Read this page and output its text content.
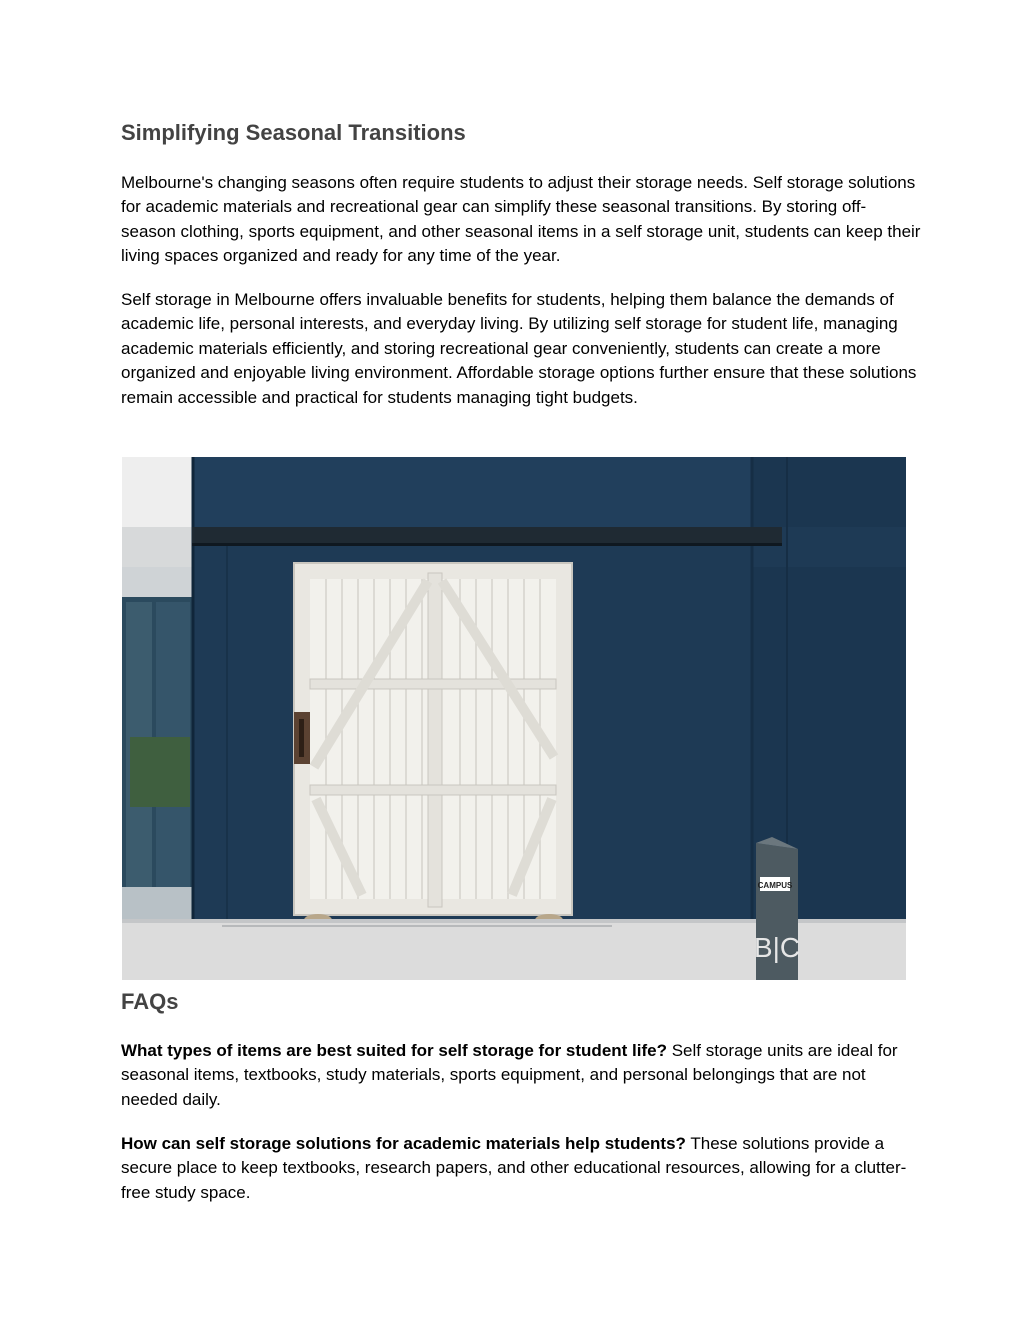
Simplifying Seasonal Transitions

Melbourne's changing seasons often require students to adjust their storage needs. Self storage solutions for academic materials and recreational gear can simplify these seasonal transitions. By storing off-season clothing, sports equipment, and other seasonal items in a self storage unit, students can keep their living spaces organized and ready for any time of the year.

Self storage in Melbourne offers invaluable benefits for students, helping them balance the demands of academic life, personal interests, and everyday living. By utilizing self storage for student life, managing academic materials efficiently, and storing recreational gear conveniently, students can create a more organized and enjoyable living environment. Affordable storage options further ensure that these solutions remain accessible and practical for students managing tight budgets.

CAMPUS
B|C
FAQs

What types of items are best suited for self storage for student life? Self storage units are ideal for seasonal items, textbooks, study materials, sports equipment, and personal belongings that are not needed daily.

How can self storage solutions for academic materials help students? These solutions provide a secure place to keep textbooks, research papers, and other educational resources, allowing for a clutter-free study space.
